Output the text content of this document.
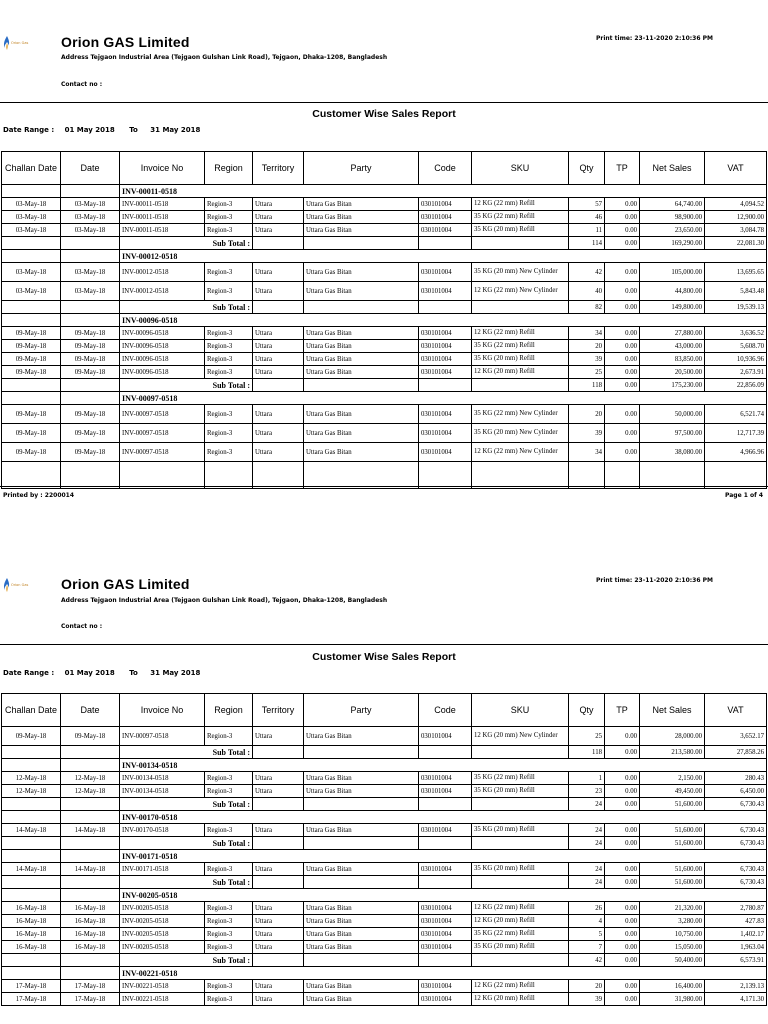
Orion Gas Orion GAS Limited
Address Tejgaon Industrial Area (Tejgaon Gulshan Link Road), Tejgaon, Dhaka-1208, Bangladesh
Contact no :
Print time: 23-11-2020 2:10:36 PM
Customer Wise Sales Report
Date Range : 01 May 2018 To 31 May 2018
Challan Date	Date	Invoice No	Region	Territory	Party	Code	SKU	Qty	TP	Net Sales	VAT
		INV-00011-0518									
03-May-18	03-May-18	INV-00011-0518	Region-3	Uttara	Uttara Gas Bitan	030101004	12 KG (22 mm) Refill	57	0.00	64,740.00	4,094.52
03-May-18	03-May-18	INV-00011-0518	Region-3	Uttara	Uttara Gas Bitan	030101004	35 KG (22 mm) Refill	46	0.00	98,900.00	12,900.00
03-May-18	03-May-18	INV-00011-0518	Region-3	Uttara	Uttara Gas Bitan	030101004	35 KG (20 mm) Refill	11	0.00	23,650.00	3,084.78
		Sub Total :						114	0.00	169,290.00	22,081.30
		INV-00012-0518									
03-May-18	03-May-18	INV-00012-0518	Region-3	Uttara	Uttara Gas Bitan	030101004	35 KG (20 mm) New Cylinder	42	0.00	105,000.00	13,695.65
03-May-18	03-May-18	INV-00012-0518	Region-3	Uttara	Uttara Gas Bitan	030101004	12 KG (22 mm) New Cylinder	40	0.00	44,800.00	5,843.48
		Sub Total :						82	0.00	149,800.00	19,539.13
		INV-00096-0518									
09-May-18	09-May-18	INV-00096-0518	Region-3	Uttara	Uttara Gas Bitan	030101004	12 KG (22 mm) Refill	34	0.00	27,880.00	3,636.52
09-May-18	09-May-18	INV-00096-0518	Region-3	Uttara	Uttara Gas Bitan	030101004	35 KG (22 mm) Refill	20	0.00	43,000.00	5,608.70
09-May-18	09-May-18	INV-00096-0518	Region-3	Uttara	Uttara Gas Bitan	030101004	35 KG (20 mm) Refill	39	0.00	83,850.00	10,936.96
09-May-18	09-May-18	INV-00096-0518	Region-3	Uttara	Uttara Gas Bitan	030101004	12 KG (20 mm) Refill	25	0.00	20,500.00	2,673.91
		Sub Total :						118	0.00	175,230.00	22,856.09
		INV-00097-0518									
09-May-18	09-May-18	INV-00097-0518	Region-3	Uttara	Uttara Gas Bitan	030101004	35 KG (22 mm) New Cylinder	20	0.00	50,000.00	6,521.74
09-May-18	09-May-18	INV-00097-0518	Region-3	Uttara	Uttara Gas Bitan	030101004	35 KG (20 mm) New Cylinder	39	0.00	97,500.00	12,717.39
09-May-18	09-May-18	INV-00097-0518	Region-3	Uttara	Uttara Gas Bitan	030101004	12 KG (22 mm) New Cylinder	34	0.00	38,080.00	4,966.96

Printed by : 2200014	Page 1 of 4
Orion Gas Orion GAS Limited
Address Tejgaon Industrial Area (Tejgaon Gulshan Link Road), Tejgaon, Dhaka-1208, Bangladesh
Contact no :
Print time: 23-11-2020 2:10:36 PM
Customer Wise Sales Report
Date Range : 01 May 2018 To 31 May 2018
Challan Date	Date	Invoice No	Region	Territory	Party	Code	SKU	Qty	TP	Net Sales	VAT
09-May-18	09-May-18	INV-00097-0518	Region-3	Uttara	Uttara Gas Bitan	030101004	12 KG (20 mm) New Cylinder	25	0.00	28,000.00	3,652.17
		Sub Total :						118	0.00	213,580.00	27,858.26
		INV-00134-0518									
12-May-18	12-May-18	INV-00134-0518	Region-3	Uttara	Uttara Gas Bitan	030101004	35 KG (22 mm) Refill	1	0.00	2,150.00	280.43
12-May-18	12-May-18	INV-00134-0518	Region-3	Uttara	Uttara Gas Bitan	030101004	35 KG (20 mm) Refill	23	0.00	49,450.00	6,450.00
		Sub Total :						24	0.00	51,600.00	6,730.43
		INV-00170-0518									
14-May-18	14-May-18	INV-00170-0518	Region-3	Uttara	Uttara Gas Bitan	030101004	35 KG (20 mm) Refill	24	0.00	51,600.00	6,730.43
		Sub Total :						24	0.00	51,600.00	6,730.43
		INV-00171-0518									
14-May-18	14-May-18	INV-00171-0518	Region-3	Uttara	Uttara Gas Bitan	030101004	35 KG (20 mm) Refill	24	0.00	51,600.00	6,730.43
		Sub Total :						24	0.00	51,600.00	6,730.43
		INV-00205-0518									
16-May-18	16-May-18	INV-00205-0518	Region-3	Uttara	Uttara Gas Bitan	030101004	12 KG (22 mm) Refill	26	0.00	21,320.00	2,780.87
16-May-18	16-May-18	INV-00205-0518	Region-3	Uttara	Uttara Gas Bitan	030101004	12 KG (20 mm) Refill	4	0.00	3,280.00	427.83
16-May-18	16-May-18	INV-00205-0518	Region-3	Uttara	Uttara Gas Bitan	030101004	35 KG (22 mm) Refill	5	0.00	10,750.00	1,402.17
16-May-18	16-May-18	INV-00205-0518	Region-3	Uttara	Uttara Gas Bitan	030101004	35 KG (20 mm) Refill	7	0.00	15,050.00	1,963.04
		Sub Total :						42	0.00	50,400.00	6,573.91
		INV-00221-0518									
17-May-18	17-May-18	INV-00221-0518	Region-3	Uttara	Uttara Gas Bitan	030101004	12 KG (22 mm) Refill	20	0.00	16,400.00	2,139.13
17-May-18	17-May-18	INV-00221-0518	Region-3	Uttara	Uttara Gas Bitan	030101004	12 KG (20 mm) Refill	39	0.00	31,980.00	4,171.30
